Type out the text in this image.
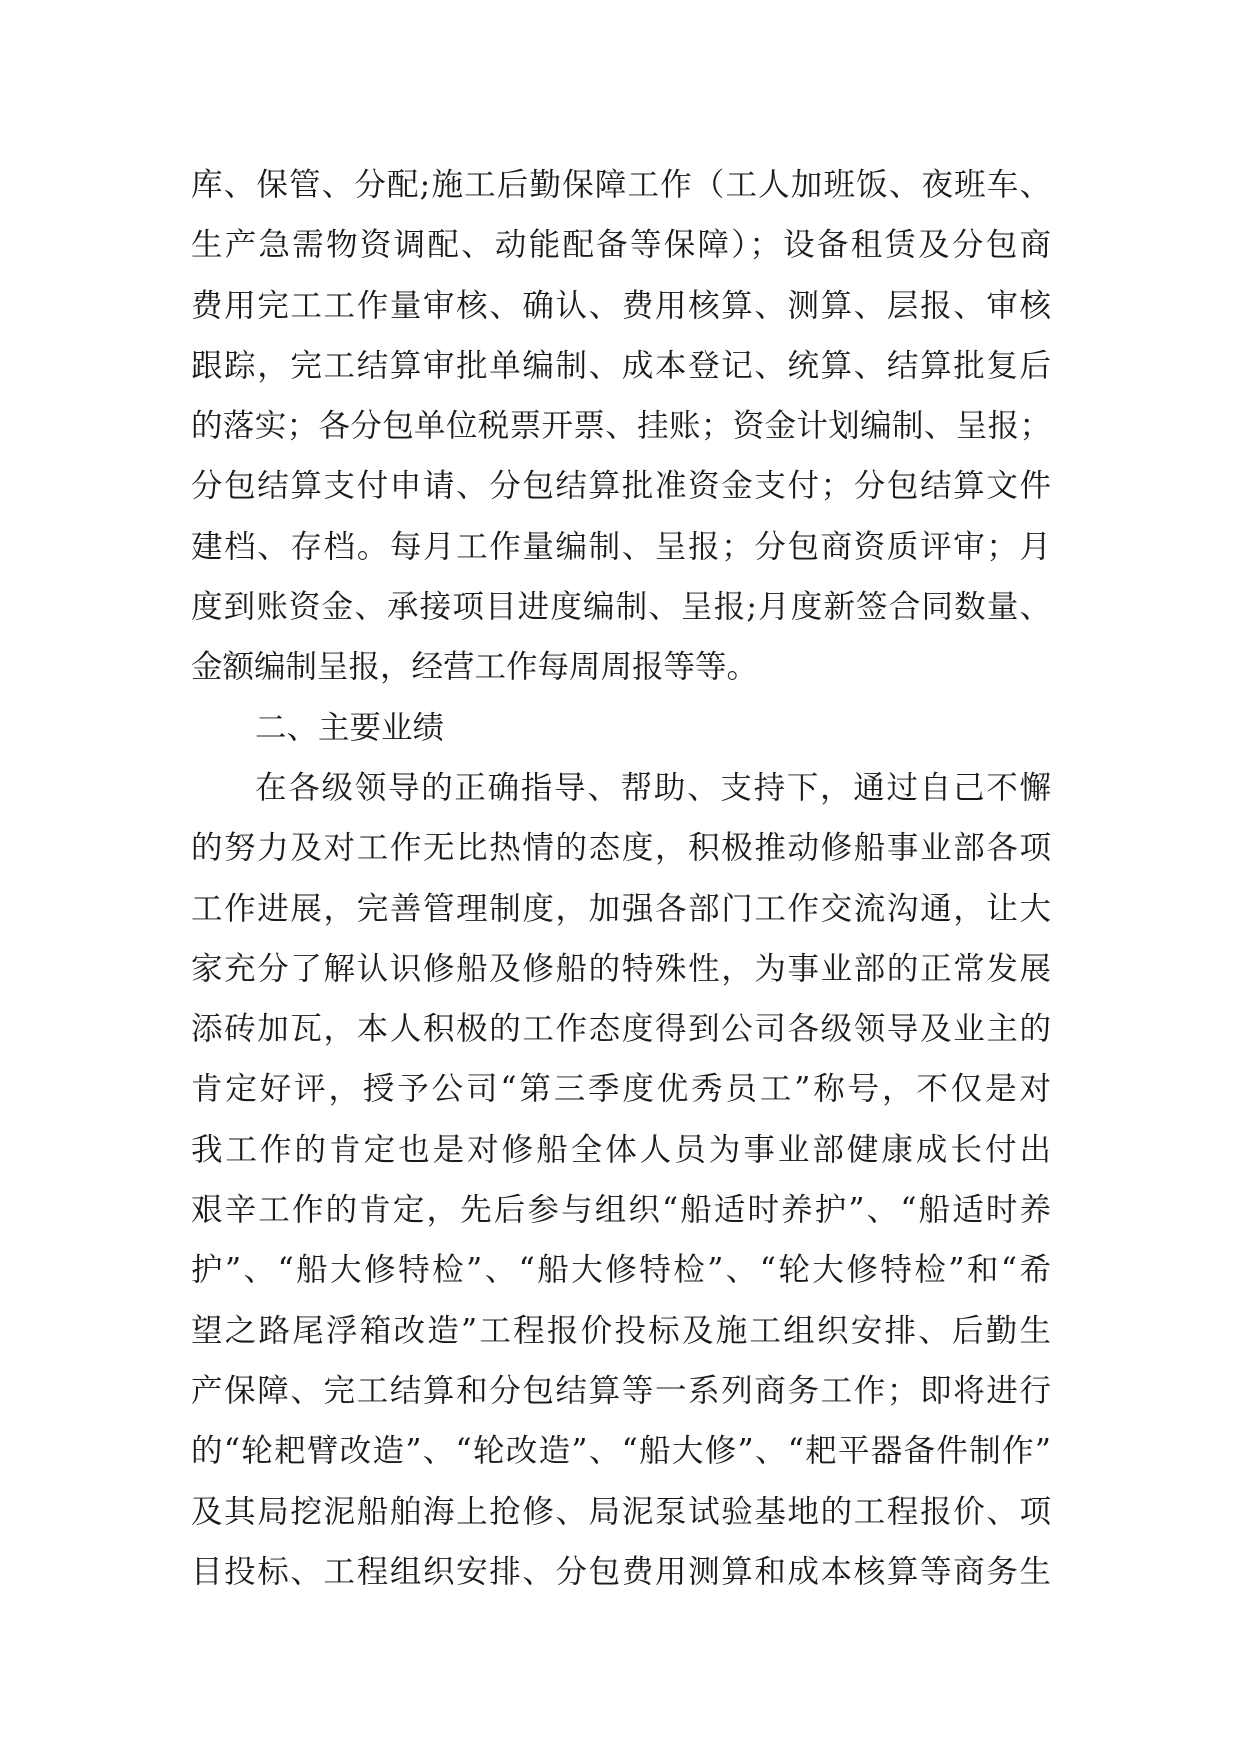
库、保管、分配;施工后勤保障工作（工人加班饭、夜班车、
生产急需物资调配、动能配备等保障）；设备租赁及分包商
费用完工工作量审核、确认、费用核算、测算、层报、审核
跟踪，完工结算审批单编制、成本登记、统算、结算批复后
的落实；各分包单位税票开票、挂账；资金计划编制、呈报；
分包结算支付申请、分包结算批准资金支付；分包结算文件
建档、存档。每月工作量编制、呈报；分包商资质评审；月
度到账资金、承接项目进度编制、呈报;月度新签合同数量、
金额编制呈报，经营工作每周周报等等。
二、主要业绩
在各级领导的正确指导、帮助、支持下，通过自己不懈
的努力及对工作无比热情的态度，积极推动修船事业部各项
工作进展，完善管理制度，加强各部门工作交流沟通，让大
家充分了解认识修船及修船的特殊性，为事业部的正常发展
添砖加瓦，本人积极的工作态度得到公司各级领导及业主的
肯定好评，授予公司“第三季度优秀员工”称号，不仅是对
我工作的肯定也是对修船全体人员为事业部健康成长付出
艰辛工作的肯定，先后参与组织“船适时养护”、“船适时养
护”、“船大修特检”、“船大修特检”、“轮大修特检”和“希
望之路尾浮箱改造”工程报价投标及施工组织安排、后勤生
产保障、完工结算和分包结算等一系列商务工作；即将进行
的“轮耙臂改造”、“轮改造”、“船大修”、“耙平器备件制作”
及其局挖泥船舶海上抢修、局泥泵试验基地的工程报价、项
目投标、工程组织安排、分包费用测算和成本核算等商务生
